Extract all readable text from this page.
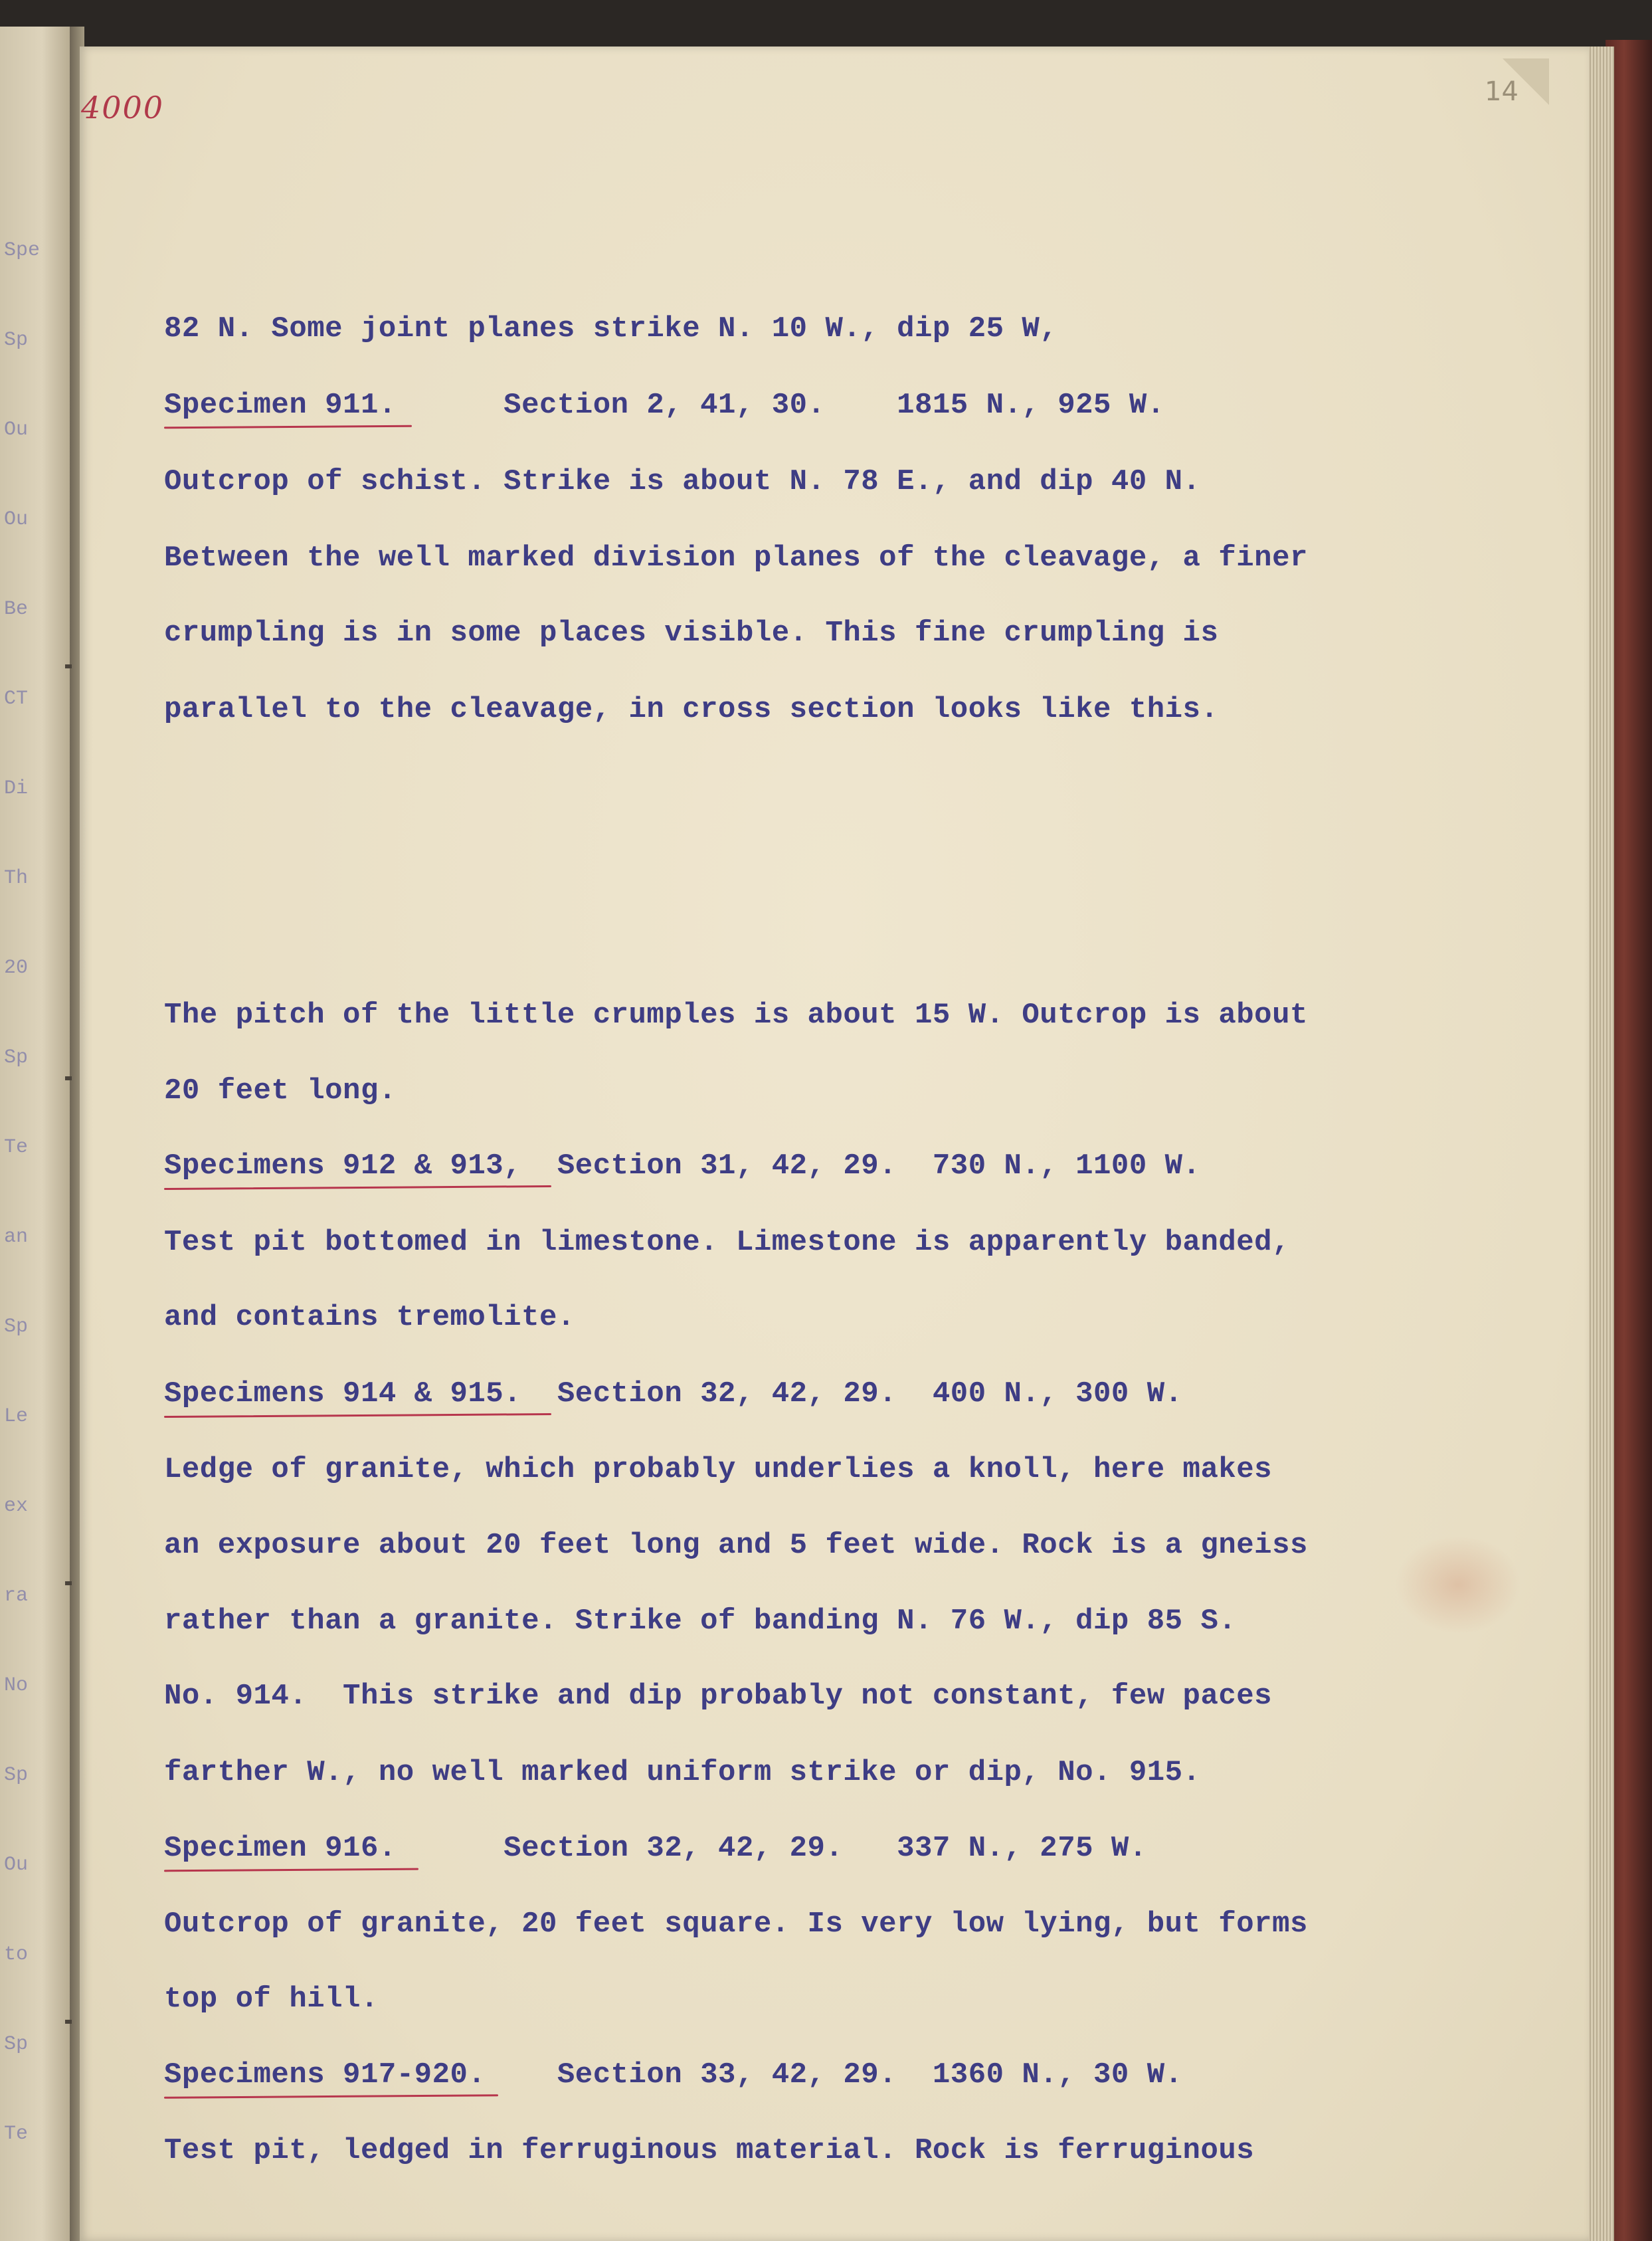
Spe
Sp
Ou
Ou
Be
CT
Di
Th
20
Sp
Te
an
Sp
Le
ex
ra
No
Sp
Ou
to
Sp
Te
4000	14
82 N. Some joint planes strike N. 10 W., dip 25 W,
Specimen 911.      Section 2, 41, 30.    1815 N., 925 W.
Outcrop of schist. Strike is about N. 78 E., and dip 40 N.
Between the well marked division planes of the cleavage, a finer
crumpling is in some places visible. This fine crumpling is
parallel to the cleavage, in cross section looks like this.
The pitch of the little crumples is about 15 W. Outcrop is about
20 feet long.
Specimens 912 & 913,  Section 31, 42, 29.  730 N., 1100 W.
Test pit bottomed in limestone. Limestone is apparently banded,
and contains tremolite.
Specimens 914 & 915.  Section 32, 42, 29.  400 N., 300 W.
Ledge of granite, which probably underlies a knoll, here makes
an exposure about 20 feet long and 5 feet wide. Rock is a gneiss
rather than a granite. Strike of banding N. 76 W., dip 85 S.
No. 914.  This strike and dip probably not constant, few paces
farther W., no well marked uniform strike or dip, No. 915.
Specimen 916.      Section 32, 42, 29.   337 N., 275 W.
Outcrop of granite, 20 feet square. Is very low lying, but forms
top of hill.
Specimens 917-920.    Section 33, 42, 29.  1360 N., 30 W.
Test pit, ledged in ferruginous material. Rock is ferruginous
